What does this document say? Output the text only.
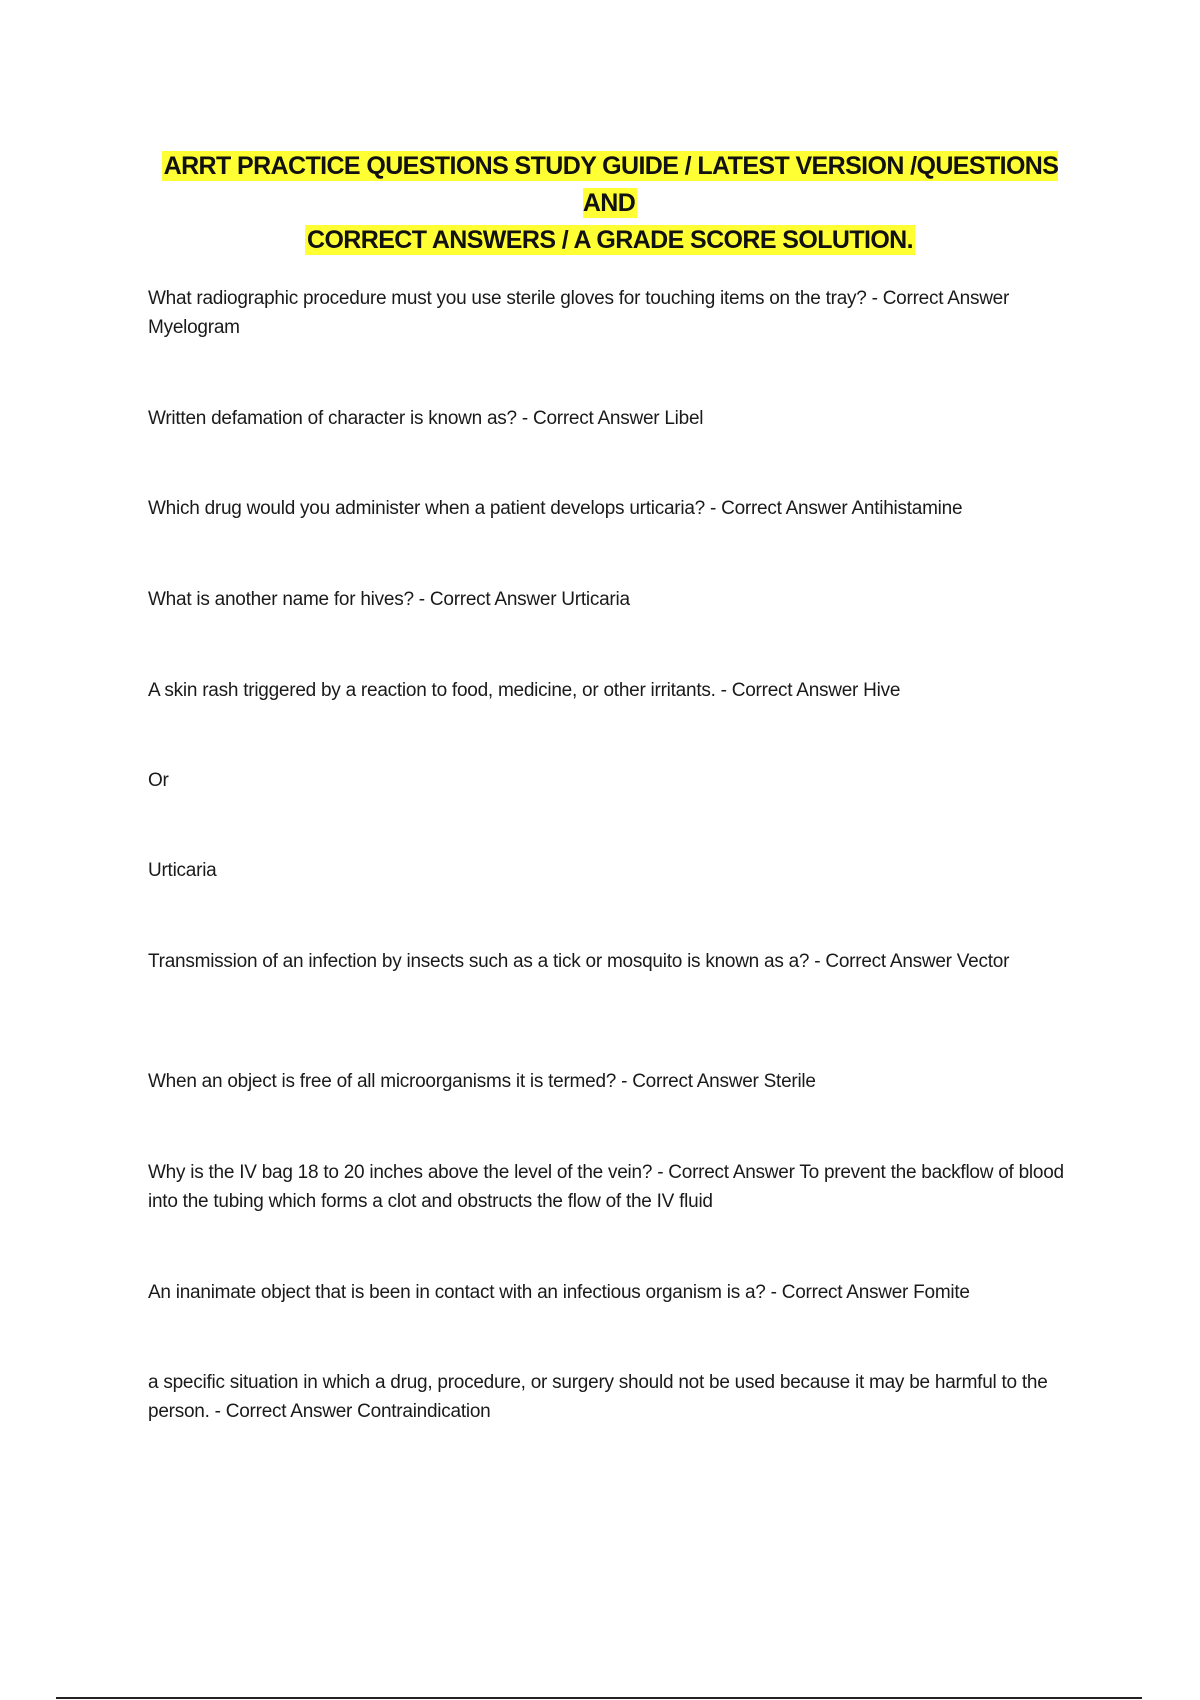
ARRT PRACTICE QUESTIONS STUDY GUIDE / LATEST VERSION /QUESTIONS AND
CORRECT ANSWERS / A GRADE SCORE SOLUTION.

What radiographic procedure must you use sterile gloves for touching items on the tray? - Correct Answer Myelogram

Written defamation of character is known as? - Correct Answer Libel

Which drug would you administer when a patient develops urticaria? - Correct Answer Antihistamine

What is another name for hives? - Correct Answer Urticaria

A skin rash triggered by a reaction to food, medicine, or other irritants. - Correct Answer Hive

Or

Urticaria

Transmission of an infection by insects such as a tick or mosquito is known as a? - Correct Answer Vector

When an object is free of all microorganisms it is termed? - Correct Answer Sterile

Why is the IV bag 18 to 20 inches above the level of the vein? - Correct Answer To prevent the backflow of blood into the tubing which forms a clot and obstructs the flow of the IV fluid

An inanimate object that is been in contact with an infectious organism is a? - Correct Answer Fomite

a specific situation in which a drug, procedure, or surgery should not be used because it may be harmful to the person. - Correct Answer Contraindication
